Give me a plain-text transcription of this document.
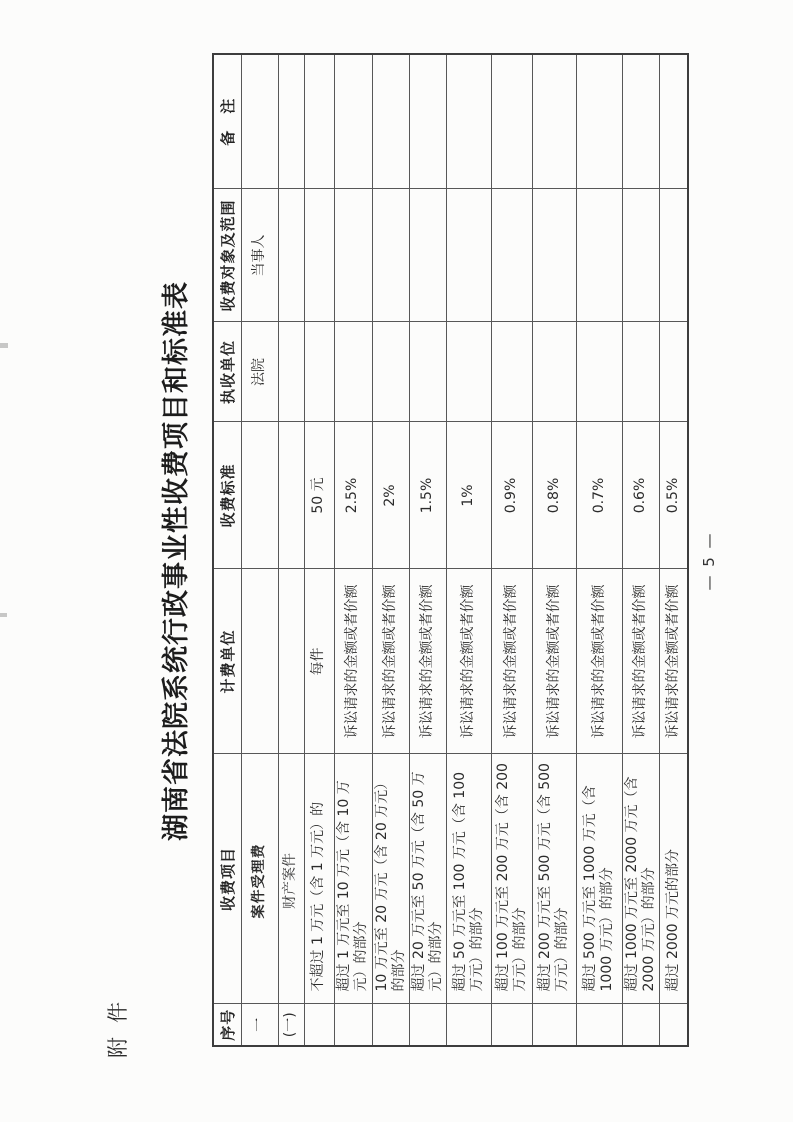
附件
湖南省法院系统行政事业性收费项目和标准表
序号	收费项目	计费单位	收费标准	执收单位	收费对象及范围	备　注
一	案件受理费			法院	当事人	
(一)	财产案件					
	不超过 1 万元（含 1 万元）的	每件	50 元			
	超过 1 万元至 10 万元（含 10 万元）的部分	诉讼请求的金额或者价额	2.5%			
	10 万元至 20 万元（含 20 万元）的部分	诉讼请求的金额或者价额	2%			
	超过 20 万元至 50 万元（含 50 万元）的部分	诉讼请求的金额或者价额	1.5%			
	超过 50 万元至 100 万元（含 100 万元）的部分	诉讼请求的金额或者价额	1%			
	超过 100 万元至 200 万元（含 200 万元）的部分	诉讼请求的金额或者价额	0.9%			
	超过 200 万元至 500 万元（含 500 万元）的部分	诉讼请求的金额或者价额	0.8%			
	超过 500 万元至 1000 万元（含 1000 万元）的部分	诉讼请求的金额或者价额	0.7%			
	超过 1000 万元至 2000 万元（含 2000 万元）的部分	诉讼请求的金额或者价额	0.6%			
	超过 2000 万元的部分	诉讼请求的金额或者价额	0.5%			
— 5 —
